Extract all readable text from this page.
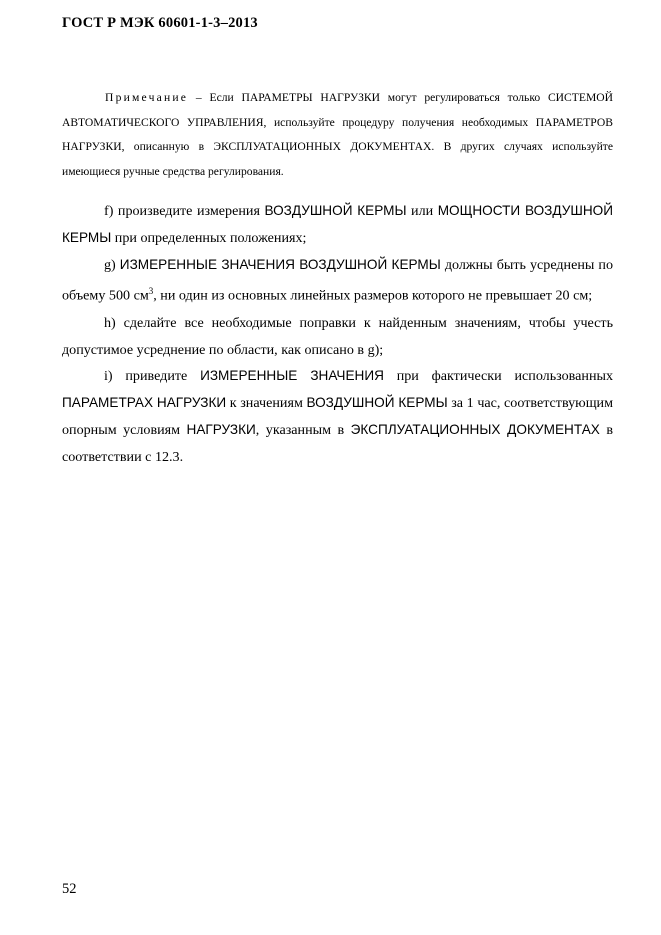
ГОСТ Р МЭК 60601-1-3–2013
Примечание – Если ПАРАМЕТРЫ НАГРУЗКИ могут регулироваться только СИСТЕМОЙ АВТОМАТИЧЕСКОГО УПРАВЛЕНИЯ, используйте процедуру получения необходимых ПАРАМЕТРОВ НАГРУЗКИ, описанную в ЭКСПЛУАТАЦИОННЫХ ДОКУМЕНТАХ. В других случаях используйте имеющиеся ручные средства регулирования.

f) произведите измерения ВОЗДУШНОЙ КЕРМЫ или МОЩНОСТИ ВОЗДУШНОЙ КЕРМЫ при определенных положениях;

g) ИЗМЕРЕННЫЕ ЗНАЧЕНИЯ ВОЗДУШНОЙ КЕРМЫ должны быть усреднены по объему 500 $см^3$, ни один из основных линейных размеров которого не превышает 20 см;

h) сделайте все необходимые поправки к найденным значениям, чтобы учесть допустимое усреднение по области, как описано в g);

i) приведите ИЗМЕРЕННЫЕ ЗНАЧЕНИЯ при фактически использованных ПАРАМЕТРАХ НАГРУЗКИ к значениям ВОЗДУШНОЙ КЕРМЫ за 1 час, соответствующим опорным условиям НАГРУЗКИ, указанным в ЭКСПЛУАТАЦИОННЫХ ДОКУМЕНТАХ в соответствии с 12.3.

52
